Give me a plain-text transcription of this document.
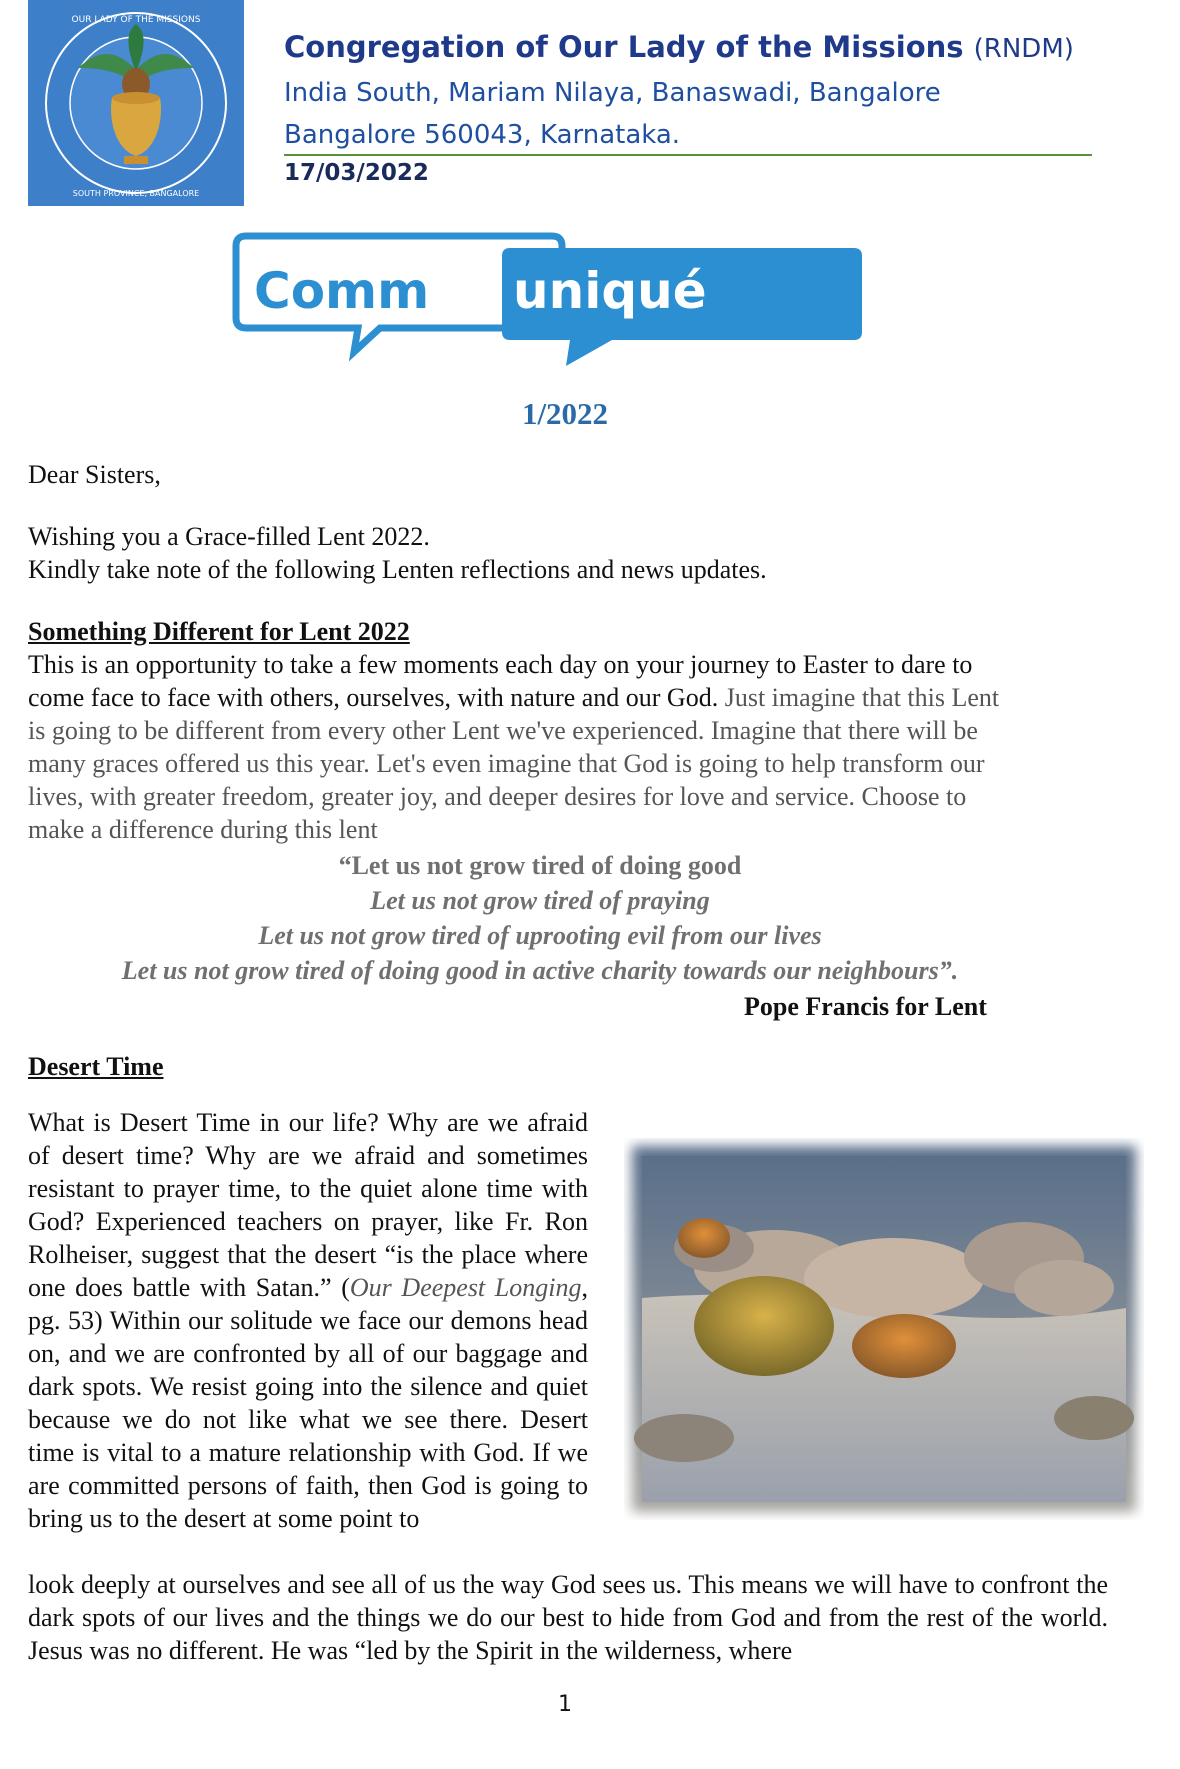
OUR LADY OF THE MISSIONS
SOUTH PROVINCE, BANGALORE
Congregation of Our Lady of the Missions (RNDM)
India South, Mariam Nilaya, Banaswadi, Bangalore
Bangalore 560043, Karnataka.
17/03/2022
Comm uniqué
1/2022
Dear Sisters,
Wishing you a Grace-filled Lent 2022.
Kindly take note of the following Lenten reflections and news updates.
Something Different for Lent 2022
This is an opportunity to take a few moments each day on your journey to Easter to dare to
come face to face with others, ourselves, with nature and our God. Just imagine that this Lent
is going to be different from every other Lent we've experienced. Imagine that there will be
many graces offered us this year. Let's even imagine that God is going to help transform our
lives, with greater freedom, greater joy, and deeper desires for love and service. Choose to
make a difference during this lent
“Let us not grow tired of doing good
Let us not grow tired of praying
Let us not grow tired of uprooting evil from our lives
Let us not grow tired of doing good in active charity towards our neighbours”.
Pope Francis for Lent
Desert Time
What is Desert Time in our life? Why are we afraid of desert time? Why are we afraid and sometimes resistant to prayer time, to the quiet alone time with God? Experienced teachers on prayer, like Fr. Ron Rolheiser, suggest that the desert “is the place where one does battle with Satan.” (Our Deepest Longing, pg. 53) Within our solitude we face our demons head on, and we are confronted by all of our baggage and dark spots. We resist going into the silence and quiet because we do not like what we see there. Desert time is vital to a mature relationship with God. If we are committed persons of faith, then God is going to bring us to the desert at some point to
look deeply at ourselves and see all of us the way God sees us. This means we will have to confront the dark spots of our lives and the things we do our best to hide from God and from the rest of the world. Jesus was no different. He was “led by the Spirit in the wilderness, where
1
